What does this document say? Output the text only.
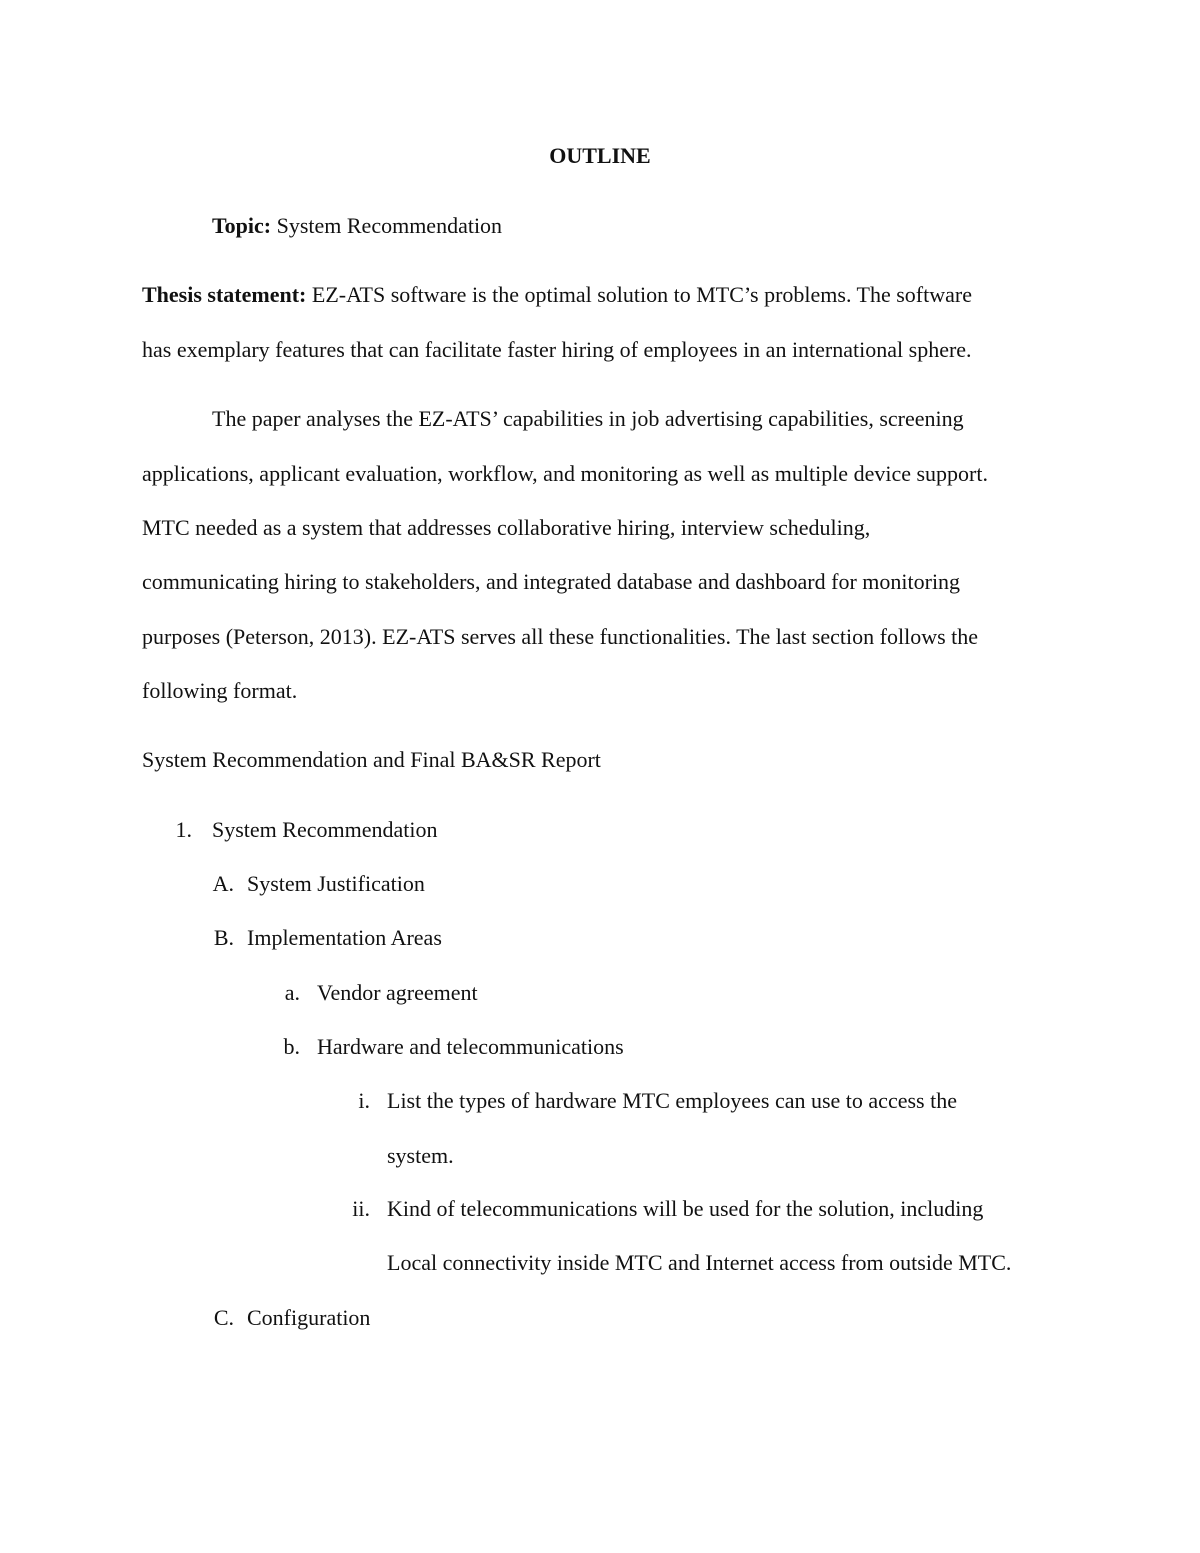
OUTLINE
Topic: System Recommendation
Thesis statement: EZ-ATS software is the optimal solution to MTC’s problems. The software
has exemplary features that can facilitate faster hiring of employees in an international sphere.
The paper analyses the EZ-ATS’ capabilities in job advertising capabilities, screening
applications, applicant evaluation, workflow, and monitoring as well as multiple device support.
MTC needed as a system that addresses collaborative hiring, interview scheduling,
communicating hiring to stakeholders, and integrated database and dashboard for monitoring
purposes (Peterson, 2013). EZ-ATS serves all these functionalities. The last section follows the
following format.
System Recommendation and Final BA&SR Report
1. System Recommendation
A. System Justification
B. Implementation Areas
a. Vendor agreement
b. Hardware and telecommunications
i. List the types of hardware MTC employees can use to access the
system.
ii. Kind of telecommunications will be used for the solution, including
Local connectivity inside MTC and Internet access from outside MTC.
C. Configuration
